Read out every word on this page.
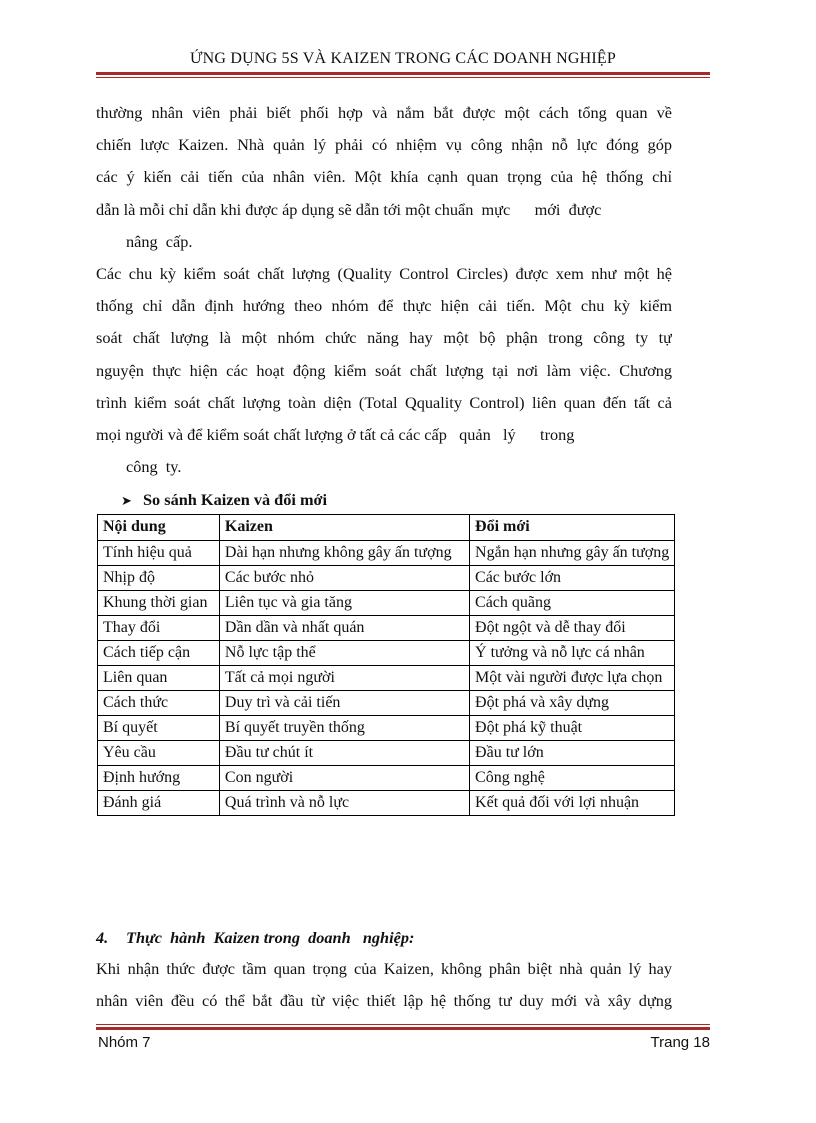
ỨNG DỤNG 5S VÀ KAIZEN TRONG CÁC DOANH NGHIỆP
thường nhân viên phải biết phối hợp và nắm bắt được một cách tổng quan về
chiến lược Kaizen. Nhà quản lý phải có nhiệm vụ công nhận nỗ lực đóng góp
các ý kiến cải tiến của nhân viên. Một khía cạnh quan trọng của hệ thống chỉ
dẫn là mỗi chỉ dẫn khi được áp dụng sẽ dẫn tới một chuẩn  mực      mới  được
nâng  cấp.
Các chu kỳ kiểm soát chất lượng (Quality Control Circles) được xem như một hệ
thống chỉ dẫn định hướng theo nhóm để thực hiện cải tiến. Một chu kỳ kiểm
soát chất lượng là một nhóm chức năng hay một bộ phận trong công ty tự
nguyện thực hiện các hoạt động kiểm soát chất lượng tại nơi làm việc. Chương
trình kiểm soát chất lượng toàn diện (Total Qquality Control) liên quan đến tất cả
mọi người và để kiểm soát chất lượng ở tất cả các cấp   quản   lý      trong
công  ty.
➤ So sánh Kaizen và đổi mới
Nội dung	Kaizen	Đổi mới
Tính hiệu quả	Dài hạn nhưng không gây ấn tượng	Ngắn hạn nhưng gây ấn tượng
Nhịp độ	Các bước nhỏ	Các bước lớn
Khung thời gian	Liên tục và gia tăng	Cách quãng
Thay đổi	Dần dần và nhất quán	Đột ngột và dễ thay đổi
Cách tiếp cận	Nỗ lực tập thể	Ý tưởng và nỗ lực cá nhân
Liên quan	Tất cả mọi người	Một vài người được lựa chọn
Cách thức	Duy trì và cải tiến	Đột phá và xây dựng
Bí quyết	Bí quyết truyền thống	Đột phá kỹ thuật
Yêu cầu	Đầu tư chút ít	Đầu tư lớn
Định hướng	Con người	Công nghệ
Đánh giá	Quá trình và nỗ lực	Kết quả đối với lợi nhuận
4. Thực  hành  Kaizen trong  doanh   nghiệp:
Khi nhận thức được tầm quan trọng của Kaizen, không phân biệt nhà quản lý hay
nhân viên đều có thể bắt đầu từ việc thiết lập hệ thống tư duy mới và xây dựng
Nhóm 7	Trang 18
